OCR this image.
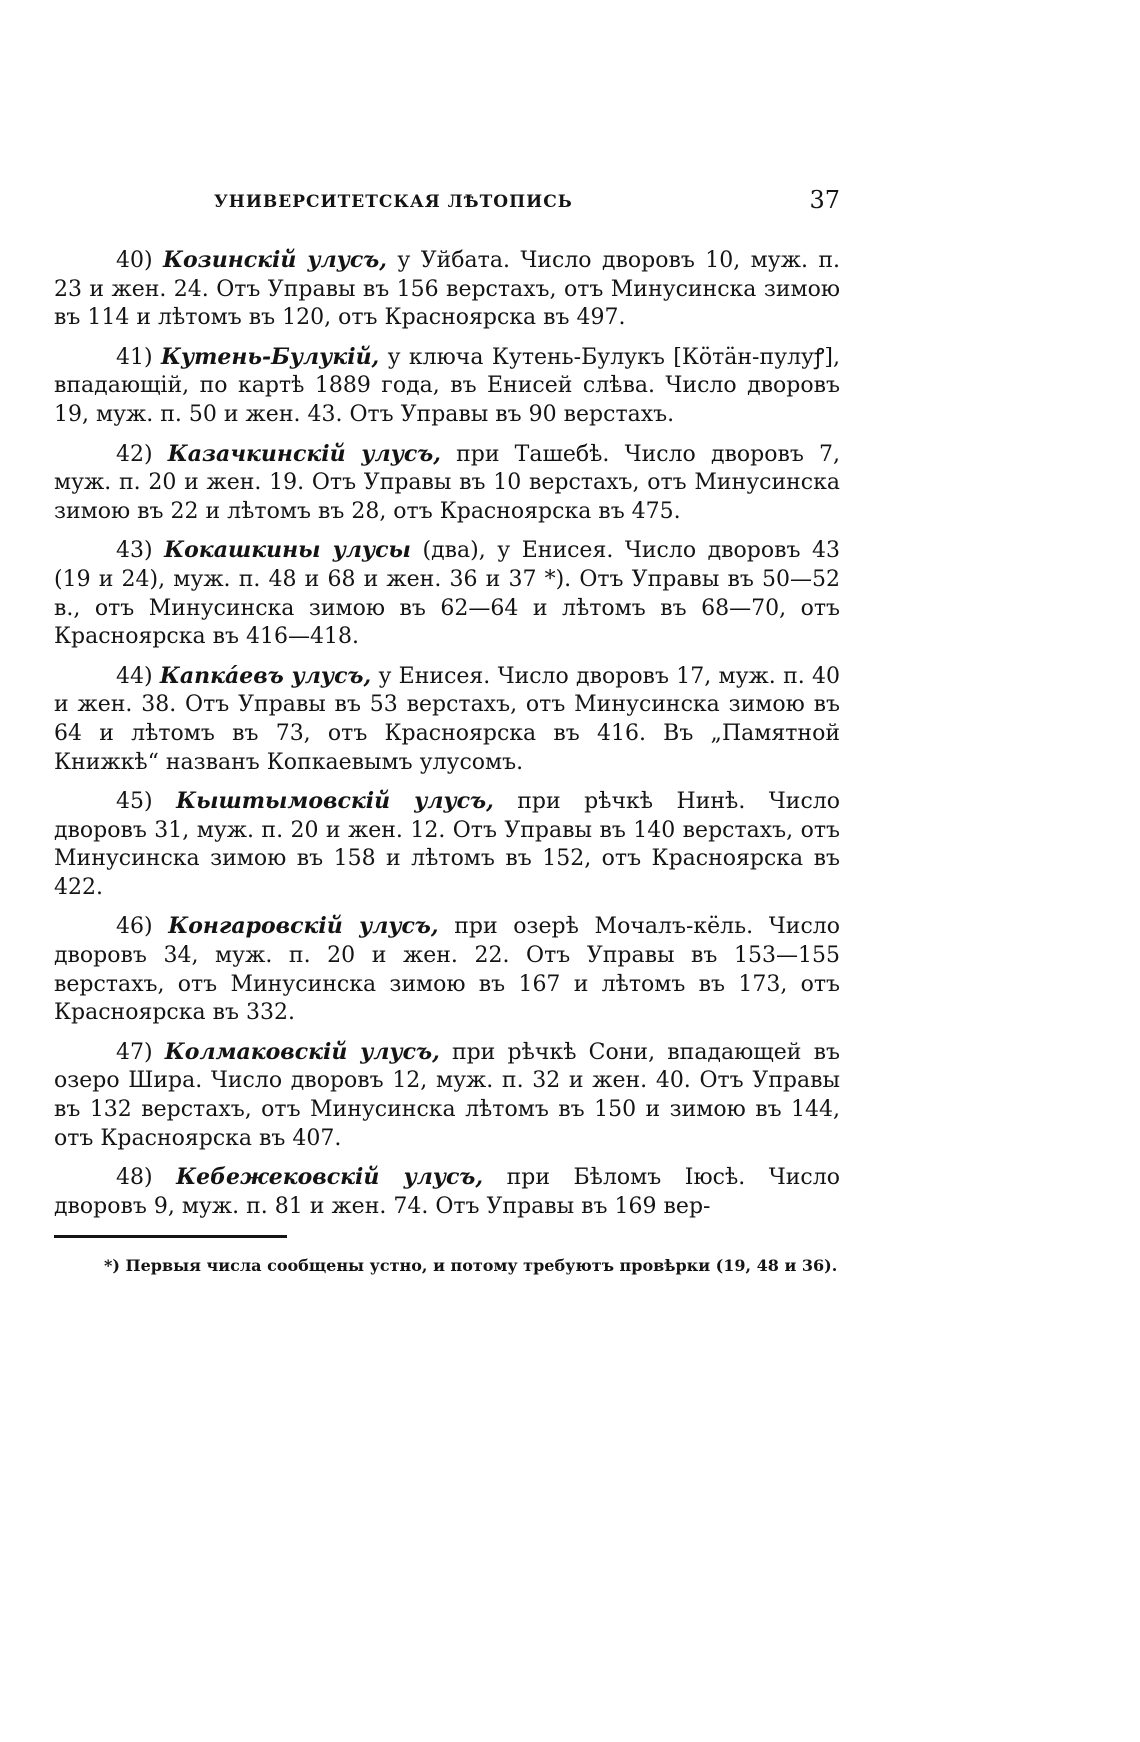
УНИВЕРСИТЕТСКАЯ ЛѢТОПИСЬ	37

40) Козинскій улусъ, у Уйбата. Число дворовъ 10, муж. п. 23 и жен. 24. Отъ Управы въ 156 верстахъ, отъ Минусинска зимою въ 114 и лѣтомъ въ 120, отъ Красноярска въ 497.

41) Кутень-Булукій, у ключа Кутень-Булукъ [Кӧтäн-пулуꝭ], впадающій, по картѣ 1889 года, въ Енисей слѣва. Число дворовъ 19, муж. п. 50 и жен. 43. Отъ Управы въ 90 верстахъ.

42) Казачкинскій улусъ, при Ташебѣ. Число дворовъ 7, муж. п. 20 и жен. 19. Отъ Управы въ 10 верстахъ, отъ Минусинска зимою въ 22 и лѣтомъ въ 28, отъ Красноярска въ 475.

43) Кокашкины улусы (два), у Енисея. Число дворовъ 43 (19 и 24), муж. п. 48 и 68 и жен. 36 и 37 *). Отъ Управы въ 50—52 в., отъ Минусинска зимою въ 62—64 и лѣтомъ въ 68—70, отъ Красноярска въ 416—418.

44) Капкáевъ улусъ, у Енисея. Число дворовъ 17, муж. п. 40 и жен. 38. Отъ Управы въ 53 верстахъ, отъ Минусинска зимою въ 64 и лѣтомъ въ 73, отъ Красноярска въ 416. Въ „Памятной Книжкѣ“ названъ Копкаевымъ улусомъ.

45) Кыштымовскій улусъ, при рѣчкѣ Нинѣ. Число дворовъ 31, муж. п. 20 и жен. 12. Отъ Управы въ 140 верстахъ, отъ Минусинска зимою въ 158 и лѣтомъ въ 152, отъ Красноярска въ 422.

46) Конгаровскій улусъ, при озерѣ Мочалъ-кёль. Число дворовъ 34, муж. п. 20 и жен. 22. Отъ Управы въ 153—155 верстахъ, отъ Минусинска зимою въ 167 и лѣтомъ въ 173, отъ Красноярска въ 332.

47) Колмаковскій улусъ, при рѣчкѣ Сони, впадающей въ озеро Шира. Число дворовъ 12, муж. п. 32 и жен. 40. Отъ Управы въ 132 верстахъ, отъ Минусинска лѣтомъ въ 150 и зимою въ 144, отъ Красноярска въ 407.

48) Кебежековскій улусъ, при Бѣломъ Іюсѣ. Число дворовъ 9, муж. п. 81 и жен. 74. Отъ Управы въ 169 вер-

*) Первыя числа сообщены устно, и потому требуютъ провѣрки (19, 48 и 36).
